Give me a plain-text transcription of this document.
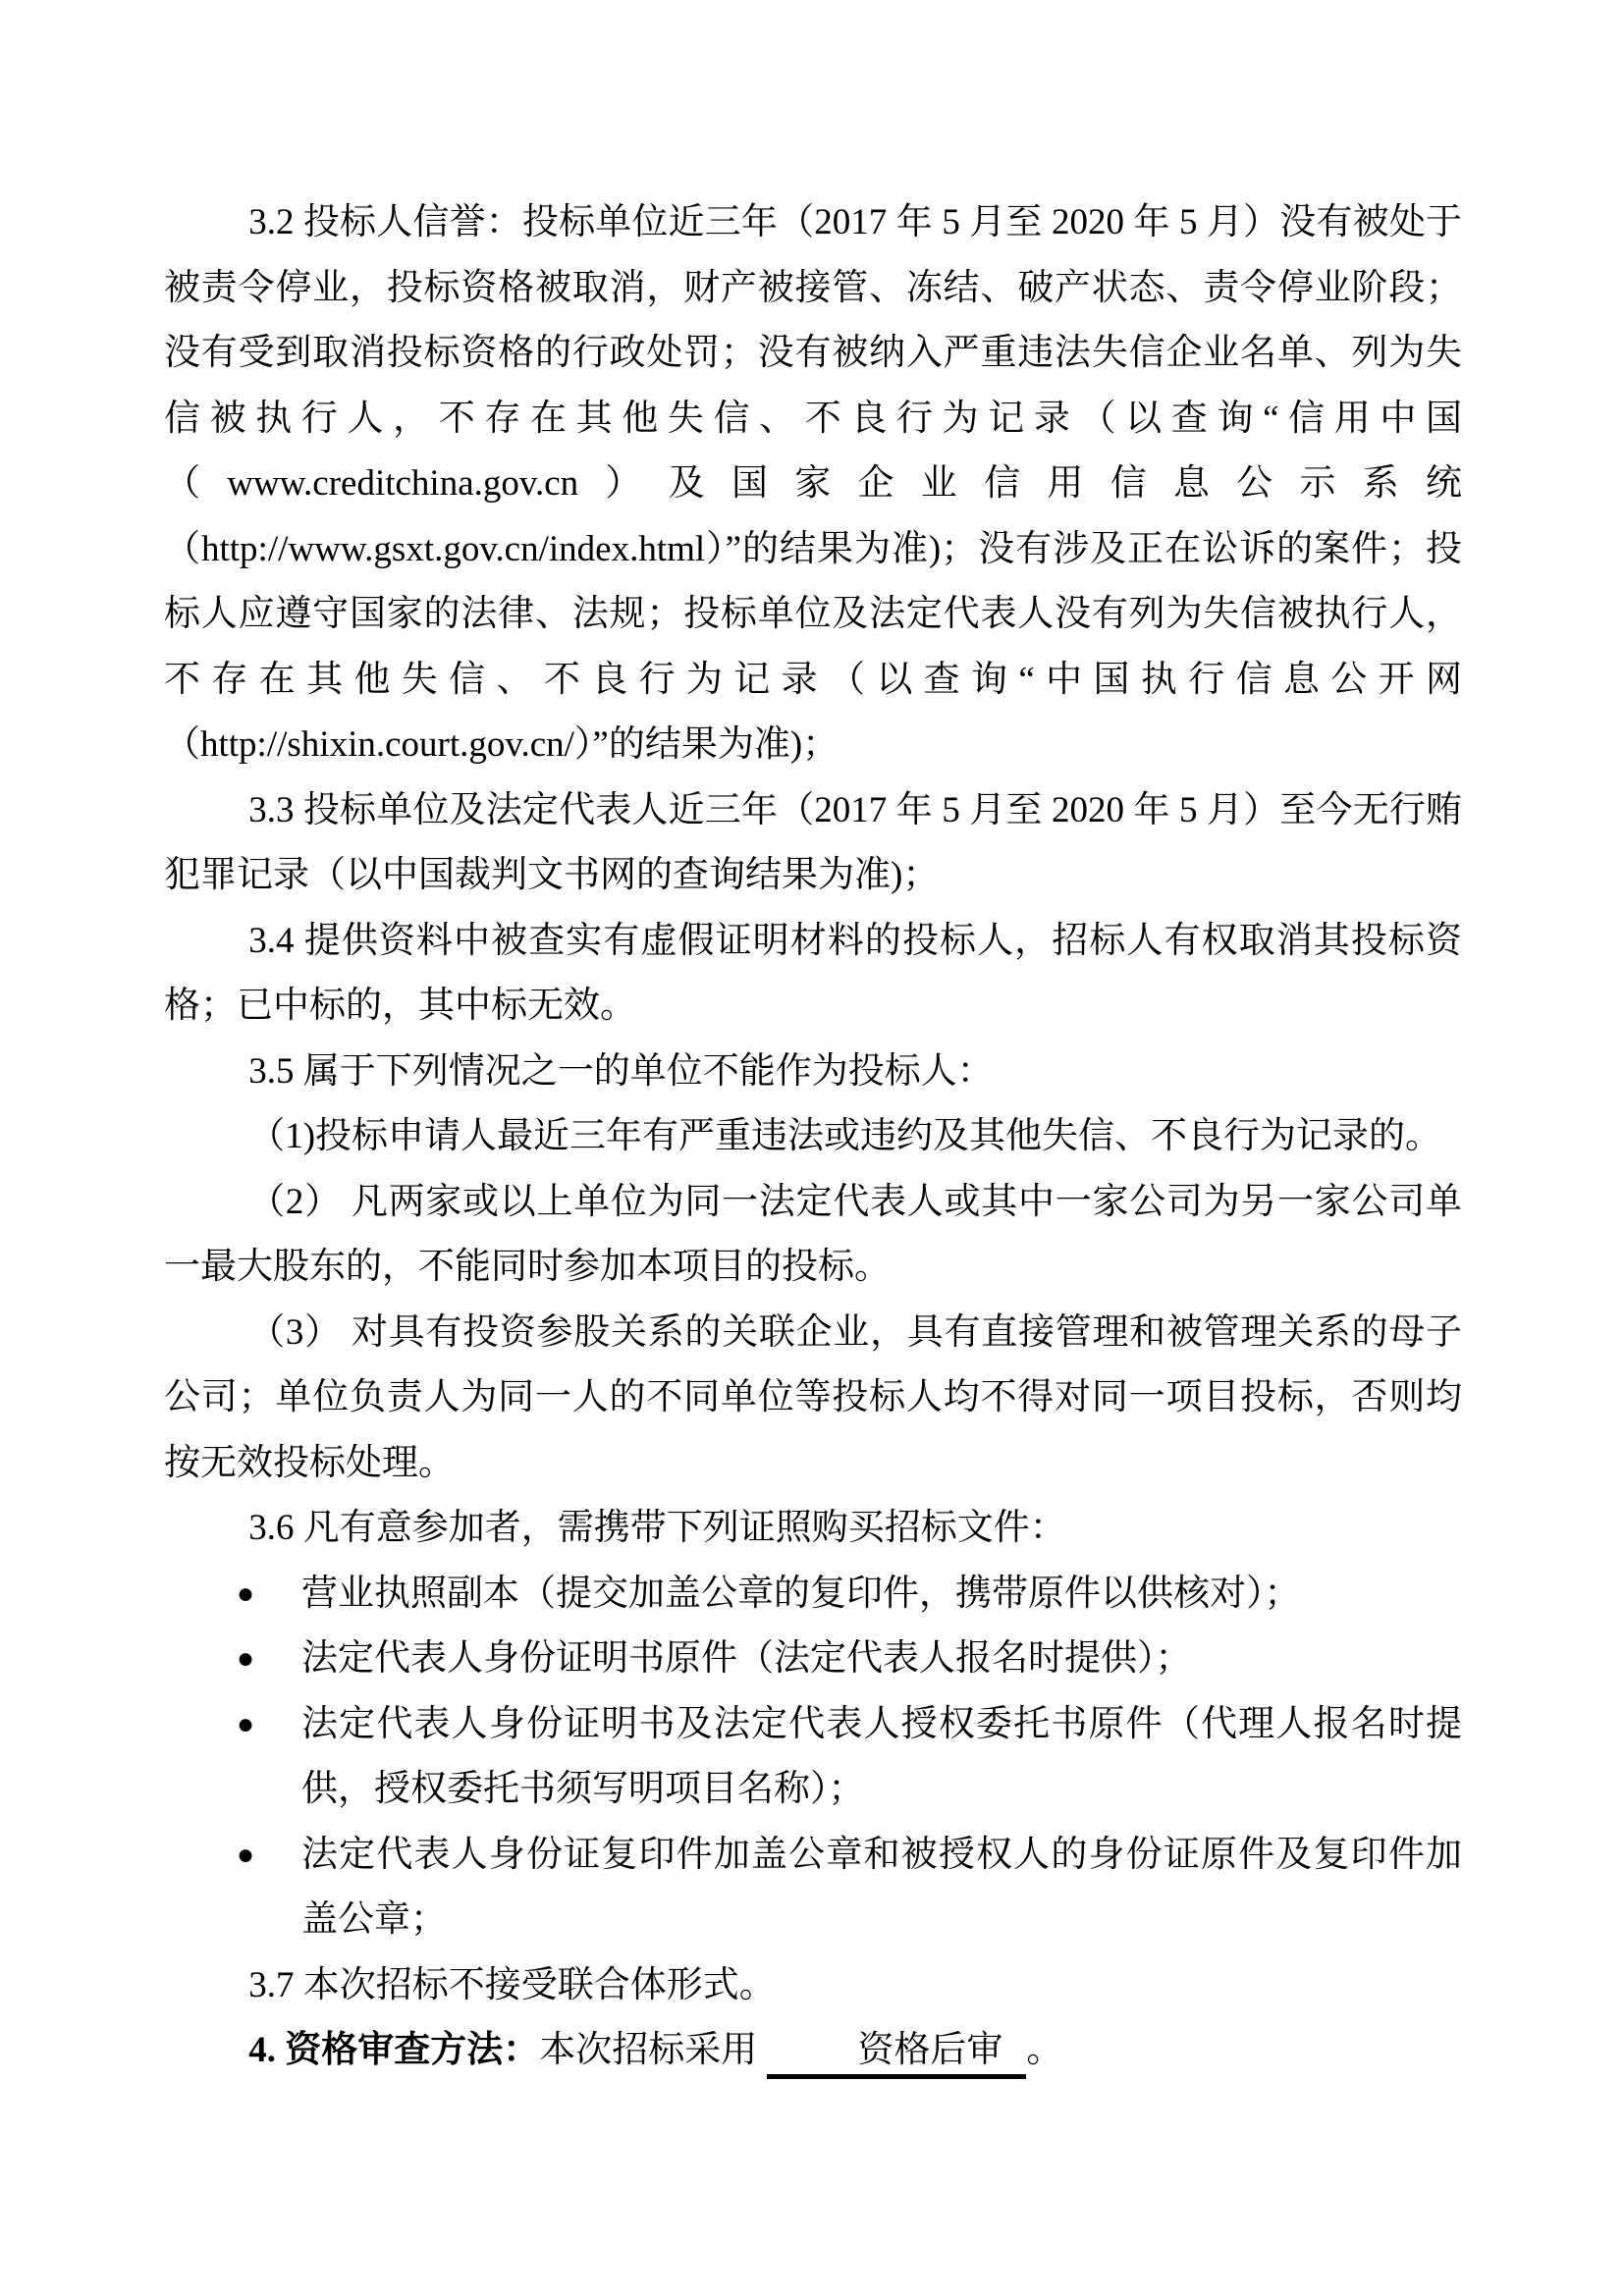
3.2 投标人信誉：投标单位近三年（2017 年 5 月至 2020 年 5 月）没有被处于被责令停业，投标资格被取消，财产被接管、冻结、破产状态、责令停业阶段；没有受到取消投标资格的行政处罚；没有被纳入严重违法失信企业名单、列为失信被执行人，不存在其他失信、不良行为记录（以查询“信用中国（www.creditchina.gov.cn）及国家企业信用信息公示系统（http://www.gsxt.gov.cn/index.html）”的结果为准)；没有涉及正在讼诉的案件；投标人应遵守国家的法律、法规；投标单位及法定代表人没有列为失信被执行人，不存在其他失信、不良行为记录（以查询“中国执行信息公开网（http://shixin.court.gov.cn/）”的结果为准)；

3.3 投标单位及法定代表人近三年（2017 年 5 月至 2020 年 5 月）至今无行贿犯罪记录（以中国裁判文书网的查询结果为准)；

3.4 提供资料中被查实有虚假证明材料的投标人，招标人有权取消其投标资格；已中标的，其中标无效。

3.5 属于下列情况之一的单位不能作为投标人：

（1)投标申请人最近三年有严重违法或违约及其他失信、不良行为记录的。

（2） 凡两家或以上单位为同一法定代表人或其中一家公司为另一家公司单一最大股东的，不能同时参加本项目的投标。

（3） 对具有投资参股关系的关联企业，具有直接管理和被管理关系的母子公司；单位负责人为同一人的不同单位等投标人均不得对同一项目投标，否则均按无效投标处理。

3.6 凡有意参加者，需携带下列证照购买招标文件：

● 营业执照副本（提交加盖公章的复印件，携带原件以供核对）；
● 法定代表人身份证明书原件（法定代表人报名时提供）；
● 法定代表人身份证明书及法定代表人授权委托书原件（代理人报名时提供，授权委托书须写明项目名称）；
● 法定代表人身份证复印件加盖公章和被授权人的身份证原件及复印件加盖公章；

3.7 本次招标不接受联合体形式。

4. 资格审查方法：本次招标采用	资格后审 。
